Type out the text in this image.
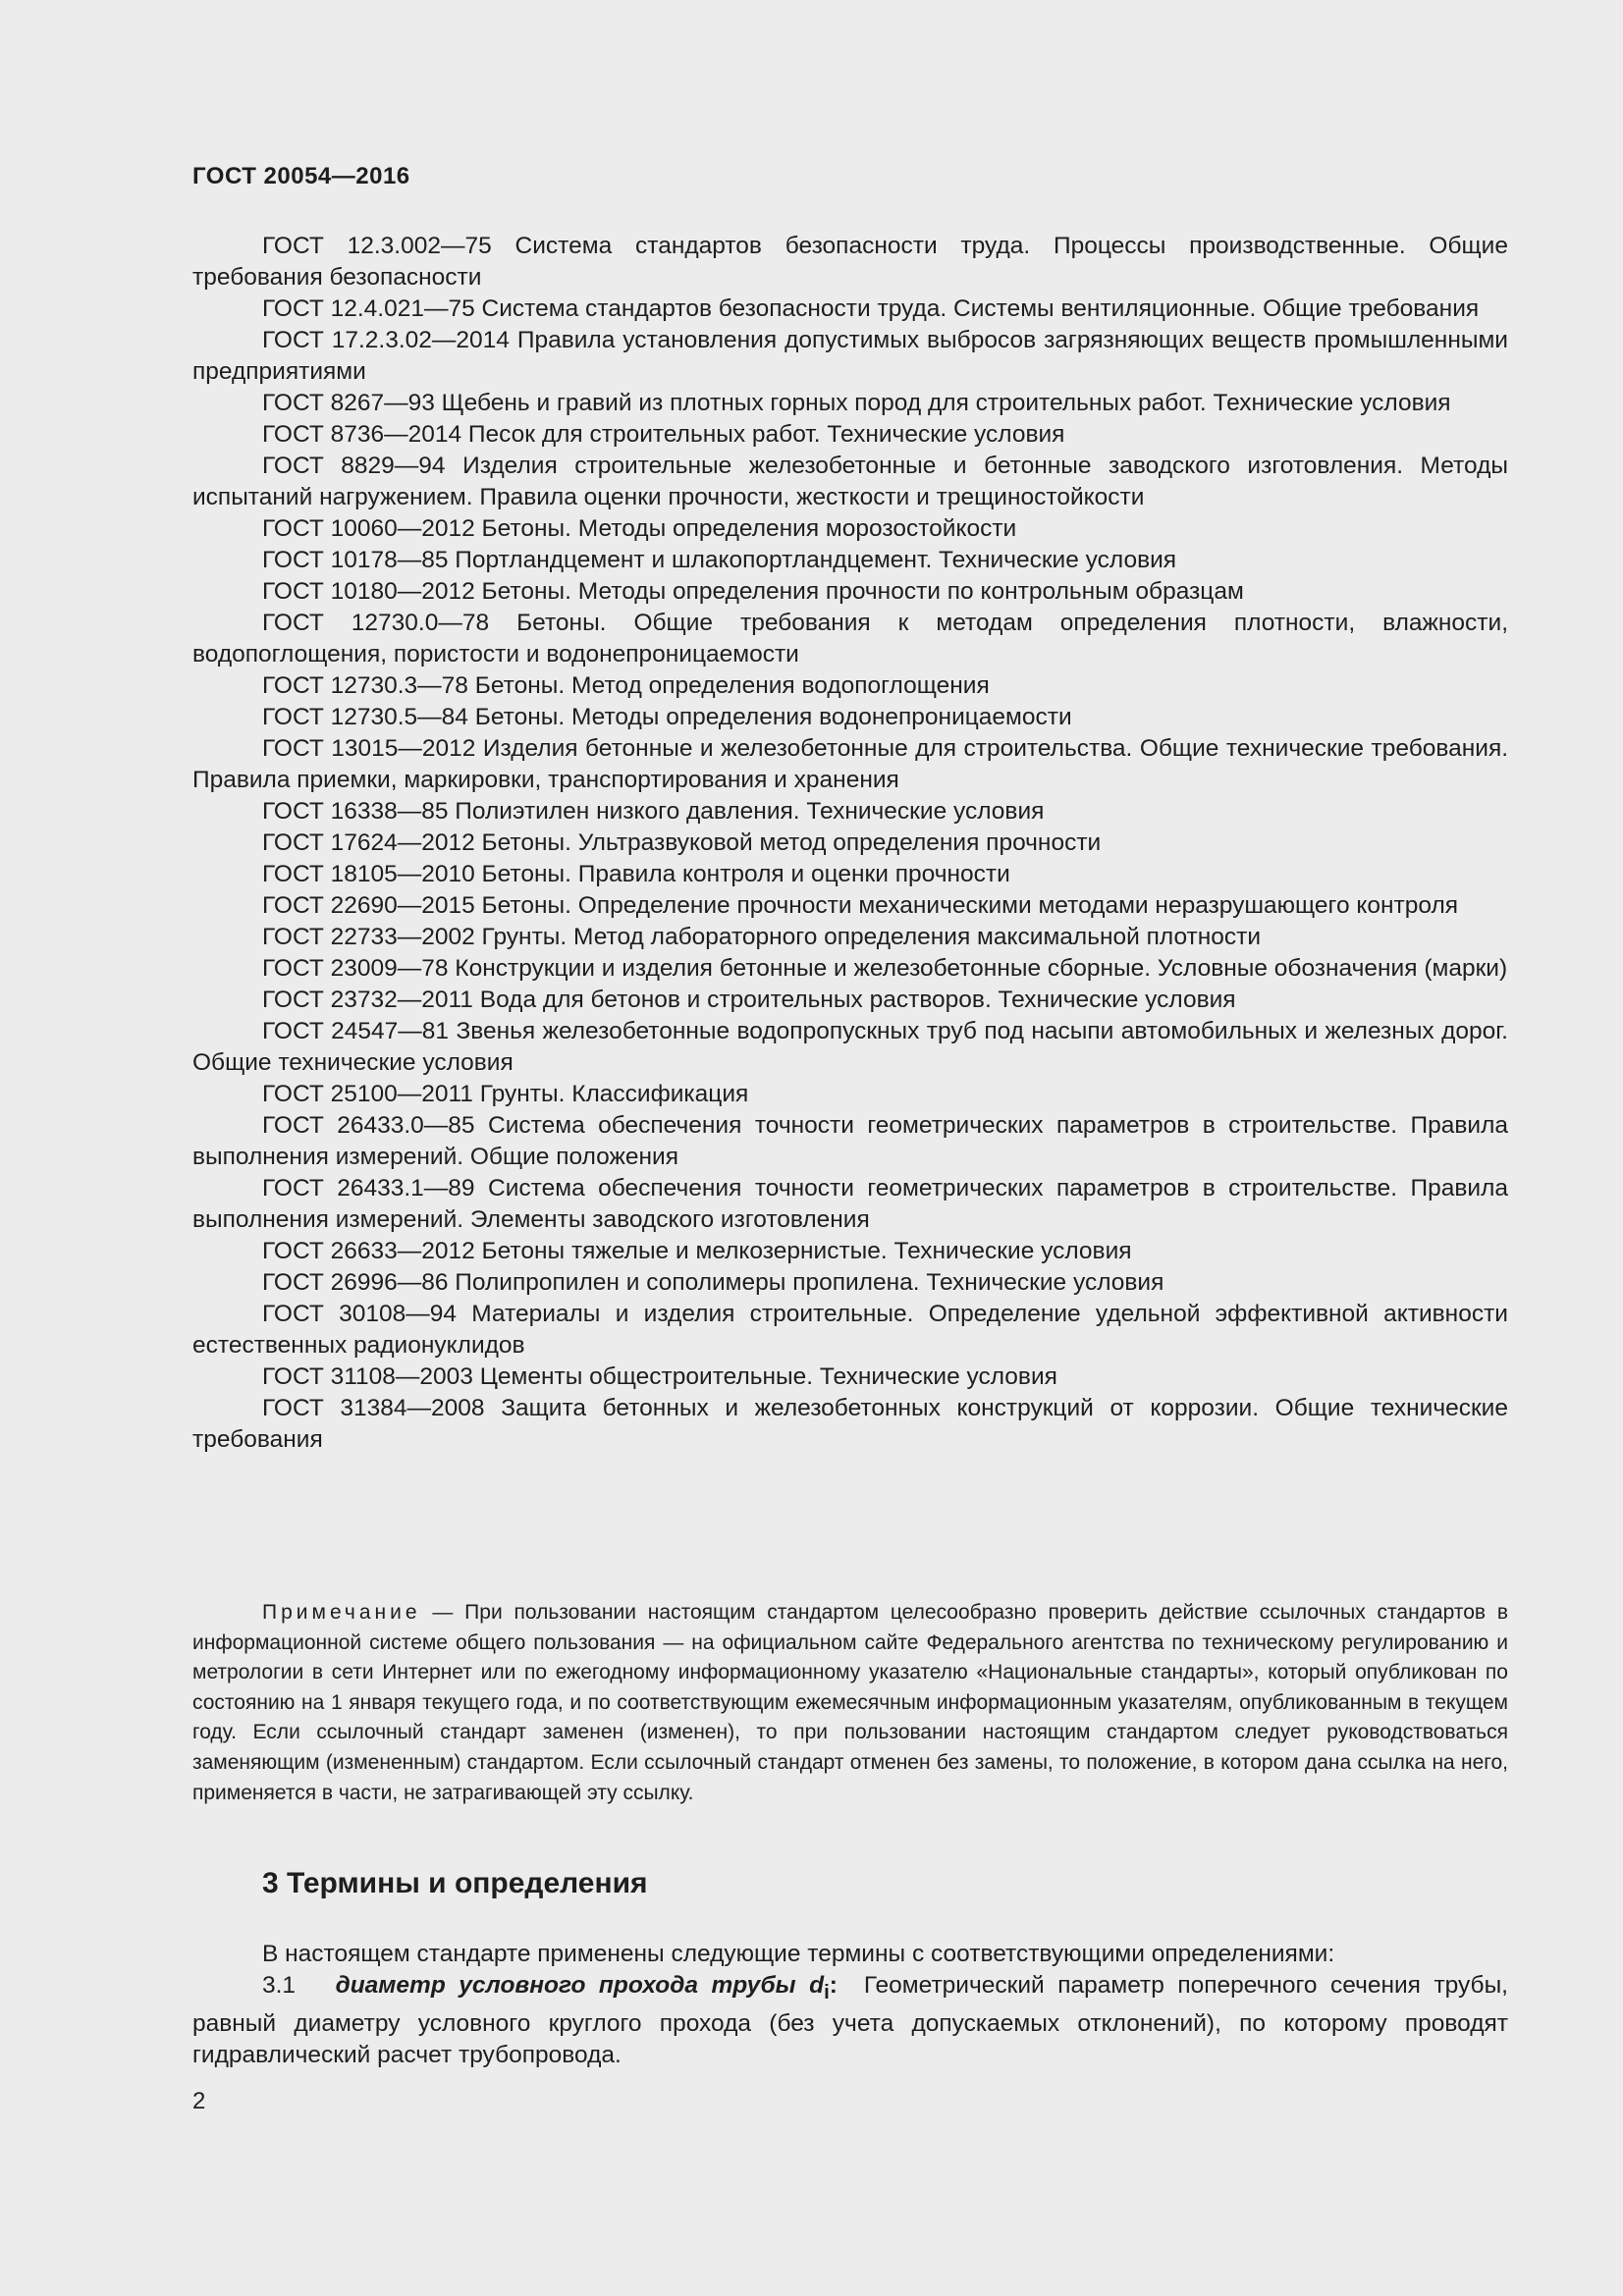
ГОСТ 20054—2016

ГОСТ 12.3.002—75 Система стандартов безопасности труда. Процессы производственные. Общие требования безопасности

ГОСТ 12.4.021—75 Система стандартов безопасности труда. Системы вентиляционные. Общие требования

ГОСТ 17.2.3.02—2014 Правила установления допустимых выбросов загрязняющих веществ промышленными предприятиями

ГОСТ 8267—93 Щебень и гравий из плотных горных пород для строительных работ. Технические условия

ГОСТ 8736—2014 Песок для строительных работ. Технические условия

ГОСТ 8829—94 Изделия строительные железобетонные и бетонные заводского изготовления. Методы испытаний нагружением. Правила оценки прочности, жесткости и трещиностойкости

ГОСТ 10060—2012 Бетоны. Методы определения морозостойкости

ГОСТ 10178—85 Портландцемент и шлакопортландцемент. Технические условия

ГОСТ 10180—2012 Бетоны. Методы определения прочности по контрольным образцам

ГОСТ 12730.0—78 Бетоны. Общие требования к методам определения плотности, влажности, водопоглощения, пористости и водонепроницаемости

ГОСТ 12730.3—78 Бетоны. Метод определения водопоглощения

ГОСТ 12730.5—84 Бетоны. Методы определения водонепроницаемости

ГОСТ 13015—2012 Изделия бетонные и железобетонные для строительства. Общие технические требования. Правила приемки, маркировки, транспортирования и хранения

ГОСТ 16338—85 Полиэтилен низкого давления. Технические условия

ГОСТ 17624—2012 Бетоны. Ультразвуковой метод определения прочности

ГОСТ 18105—2010 Бетоны. Правила контроля и оценки прочности

ГОСТ 22690—2015 Бетоны. Определение прочности механическими методами неразрушающего контроля

ГОСТ 22733—2002 Грунты. Метод лабораторного определения максимальной плотности

ГОСТ 23009—78 Конструкции и изделия бетонные и железобетонные сборные. Условные обозначения (марки)

ГОСТ 23732—2011 Вода для бетонов и строительных растворов. Технические условия

ГОСТ 24547—81 Звенья железобетонные водопропускных труб под насыпи автомобильных и железных дорог. Общие технические условия

ГОСТ 25100—2011 Грунты. Классификация

ГОСТ 26433.0—85 Система обеспечения точности геометрических параметров в строительстве. Правила выполнения измерений. Общие положения

ГОСТ 26433.1—89 Система обеспечения точности геометрических параметров в строительстве. Правила выполнения измерений. Элементы заводского изготовления

ГОСТ 26633—2012 Бетоны тяжелые и мелкозернистые. Технические условия

ГОСТ 26996—86 Полипропилен и сополимеры пропилена. Технические условия

ГОСТ 30108—94 Материалы и изделия строительные. Определение удельной эффективной активности естественных радионуклидов

ГОСТ 31108—2003 Цементы общестроительные. Технические условия

ГОСТ 31384—2008 Защита бетонных и железобетонных конструкций от коррозии. Общие технические требования

Примечание — При пользовании настоящим стандартом целесообразно проверить действие ссылочных стандартов в информационной системе общего пользования — на официальном сайте Федерального агентства по техническому регулированию и метрологии в сети Интернет или по ежегодному информационному указателю «Национальные стандарты», который опубликован по состоянию на 1 января текущего года, и по соответствующим ежемесячным информационным указателям, опубликованным в текущем году. Если ссылочный стандарт заменен (изменен), то при пользовании настоящим стандартом следует руководствоваться заменяющим (измененным) стандартом. Если ссылочный стандарт отменен без замены, то положение, в котором дана ссылка на него, применяется в части, не затрагивающей эту ссылку.
3 Термины и определения

В настоящем стандарте применены следующие термины с соответствующими определениями:

3.1 диаметр условного прохода трубы $d_i$: Геометрический параметр поперечного сечения трубы, равный диаметру условного круглого прохода (без учета допускаемых отклонений), по которому проводят гидравлический расчет трубопровода.

2
